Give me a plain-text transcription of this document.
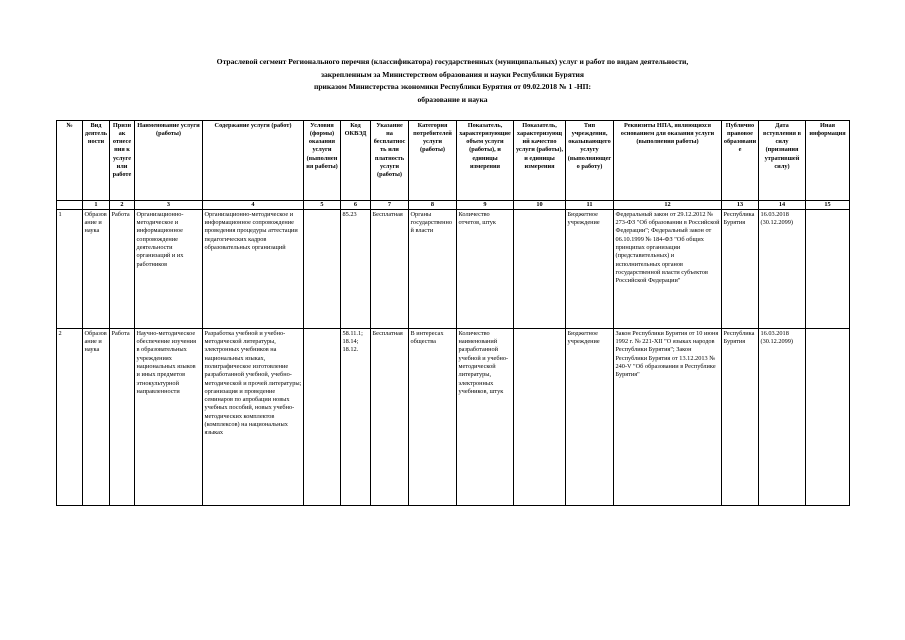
Отраслевой сегмент Регионального перечня (классификатора) государственных (муниципальных) услуг и работ по видам деятельности,
закрепленным за Министерством образования и науки Республики Бурятия
приказом Министерства экономики Республики Бурятия от 09.02.2018 № 1 -НП:
образование и наука
№	Вид деятельности	Признак отнесения к услуге или работе	Наименование услуги (работы)	Содержание услуги (работ)	Условия (формы) оказания услуги (выполнения работы)	Код ОКВЭД	Указание на бесплатность или платность услуги (работы)	Категория потребителей услуги (работы)	Показатель, характеризующие объем услуги (работы), и единицы измерения	Показатель, характеризующий качество услуги (работы), и единицы измерения	Тип учреждения, оказывающего услугу (выполняющего работу)	Реквизиты НПА, являющихся основанием для оказания услуги (выполнения работы)	Публично правовое образование	Дата вступления в силу (признания утратившей силу)	Иная информация
	1	2	3	4	5	6	7	8	9	10	11	12	13	14	15
1	Образование и наука	Работа	Организационно-методическое и информационное сопровождение деятельности организаций и их работников	Организационно-методическое и информационное сопровождение проведения процедуры аттестации педагогических кадров образовательных организаций		85.23	Бесплатная	Органы государственной власти	Количество отчетов, штук		Бюджетное учреждение	Федеральный закон от 29.12.2012 № 273-ФЗ "Об образовании в Российской Федерации"; Федеральный закон от 06.10.1999 № 184-ФЗ "Об общих принципах организации (представительных) и исполнительных органов государственной власти субъектов Российской Федерации"	Республика Бурятия	16.03.2018 (30.12.2099)	
2	Образование и наука	Работа	Научно-методическое обеспечение изучения в образовательных учреждениях национальных языков и иных предметов этнокультурной направленности	Разработка учебной и учебно-методической литературы, электронных учебников на национальных языках, полиграфическое изготовление разработанной учебной, учебно-методической и прочей литературы; организация и проведение семинаров по апробации новых учебных пособий, новых учебно-методических комплектов (комплексов) на национальных языках		58.11.1; 18.14; 18.12.	Бесплатная	В интересах общества	Количество наименований разработанной учебной и учебно-методической литературы, электронных учебников, штук		Бюджетное учреждение	Закон Республики Бурятия от 10 июня 1992 г. № 221-XII "О языках народов Республики Бурятия"; Закон Республики Бурятия от 13.12.2013 № 240-V "Об образовании в Республике Бурятия"	Республика Бурятия	16.03.2018 (30.12.2099)	
